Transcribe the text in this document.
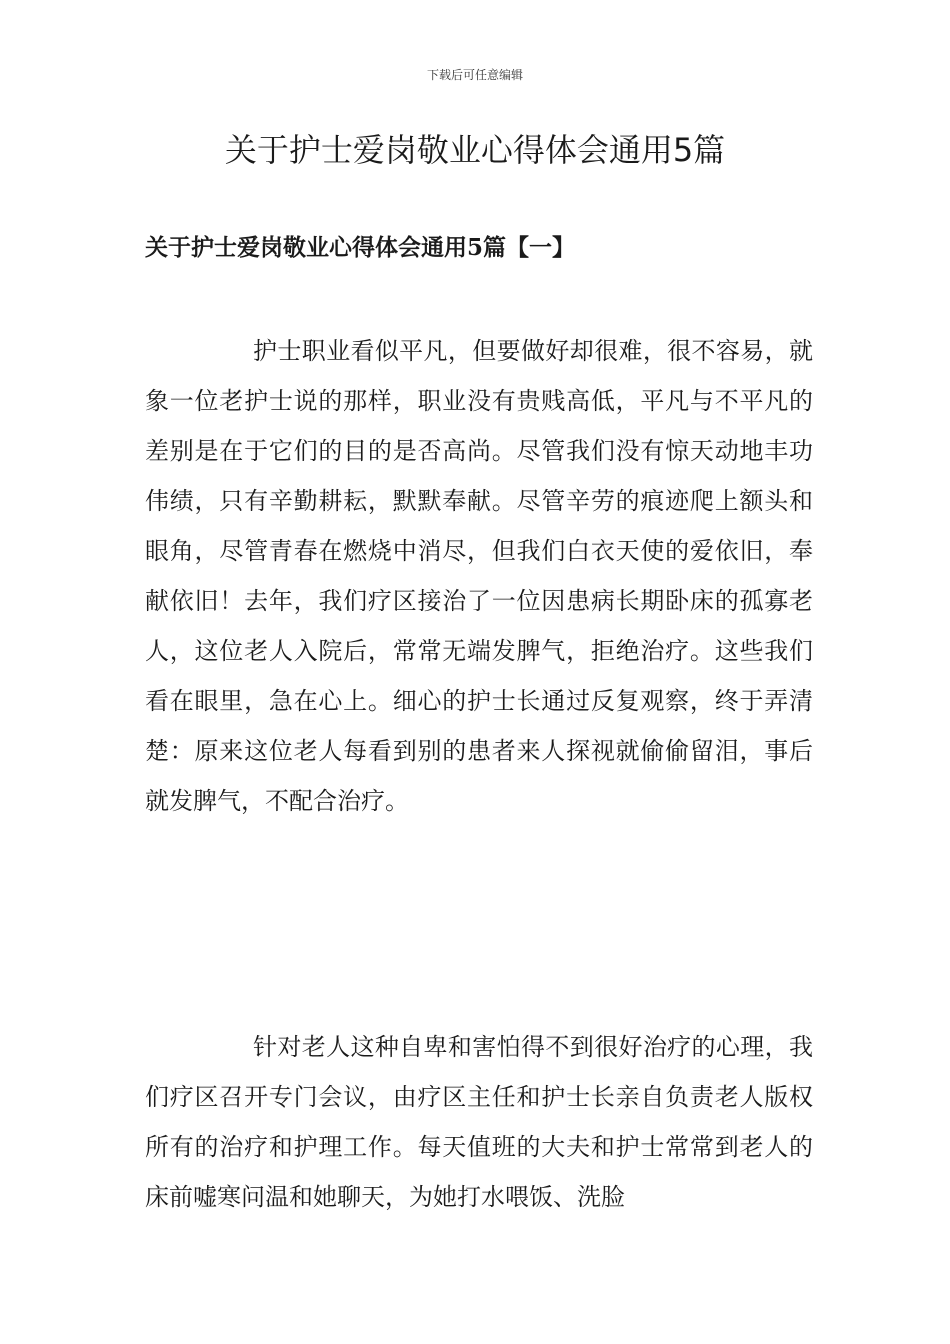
下载后可任意编辑
关于护士爱岗敬业心得体会通用5篇
关于护士爱岗敬业心得体会通用5篇【一】

护士职业看似平凡，但要做好却很难，很不容易，就象一位老护士说的那样，职业没有贵贱高低，平凡与不平凡的差别是在于它们的目的是否高尚。尽管我们没有惊天动地丰功伟绩，只有辛勤耕耘，默默奉献。尽管辛劳的痕迹爬上额头和眼角，尽管青春在燃烧中消尽，但我们白衣天使的爱依旧，奉献依旧！去年，我们疗区接治了一位因患病长期卧床的孤寡老人，这位老人入院后，常常无端发脾气，拒绝治疗。这些我们看在眼里，急在心上。细心的护士长通过反复观察，终于弄清楚：原来这位老人每看到别的患者来人探视就偷偷留泪，事后就发脾气，不配合治疗。

针对老人这种自卑和害怕得不到很好治疗的心理，我们疗区召开专门会议，由疗区主任和护士长亲自负责老人版权所有的治疗和护理工作。每天值班的大夫和护士常常到老人的床前嘘寒问温和她聊天，为她打水喂饭、洗脸
